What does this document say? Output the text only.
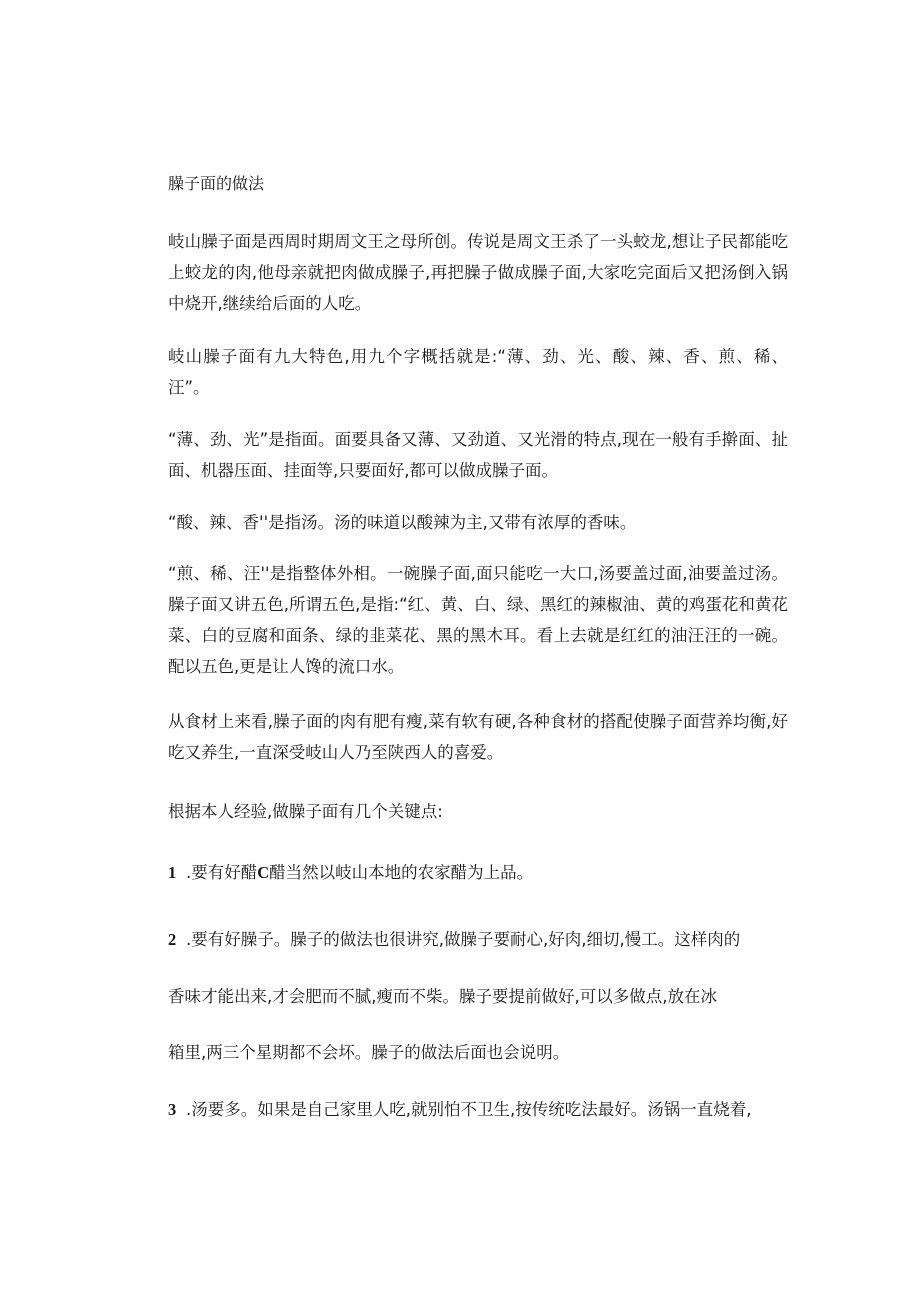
臊子面的做法

岐山臊子面是西周时期周文王之母所创。传说是周文王杀了一头蛟龙,想让子民都能吃上蛟龙的肉,他母亲就把肉做成臊子,再把臊子做成臊子面,大家吃完面后又把汤倒入锅中烧开,继续给后面的人吃。

岐山臊子面有九大特色,用九个字概括就是:“薄、劲、光、酸、辣、香、煎、稀、汪”。

“薄、劲、光”是指面。面要具备又薄、又劲道、又光滑的特点,现在一般有手擀面、扯面、机器压面、挂面等,只要面好,都可以做成臊子面。

“酸、辣、香''是指汤。汤的味道以酸辣为主,又带有浓厚的香味。

“煎、稀、汪''是指整体外相。一碗臊子面,面只能吃一大口,汤要盖过面,油要盖过汤。臊子面又讲五色,所谓五色,是指:“红、黄、白、绿、黑红的辣椒油、黄的鸡蛋花和黄花菜、白的豆腐和面条、绿的韭菜花、黑的黑木耳。看上去就是红红的油汪汪的一碗。配以五色,更是让人馋的流口水。

从食材上来看,臊子面的肉有肥有瘦,菜有软有硬,各种食材的搭配使臊子面营养均衡,好吃又养生,一直深受岐山人乃至陕西人的喜爱。

根据本人经验,做臊子面有几个关键点:

1 .要有好醋C醋当然以岐山本地的农家醋为上品。
2 .要有好臊子。臊子的做法也很讲究,做臊子要耐心,好肉,细切,慢工。这样肉的
香味才能出来,才会肥而不腻,瘦而不柴。臊子要提前做好,可以多做点,放在冰
箱里,两三个星期都不会坏。臊子的做法后面也会说明。
3 .汤要多。如果是自己家里人吃,就别怕不卫生,按传统吃法最好。汤锅一直烧着,
